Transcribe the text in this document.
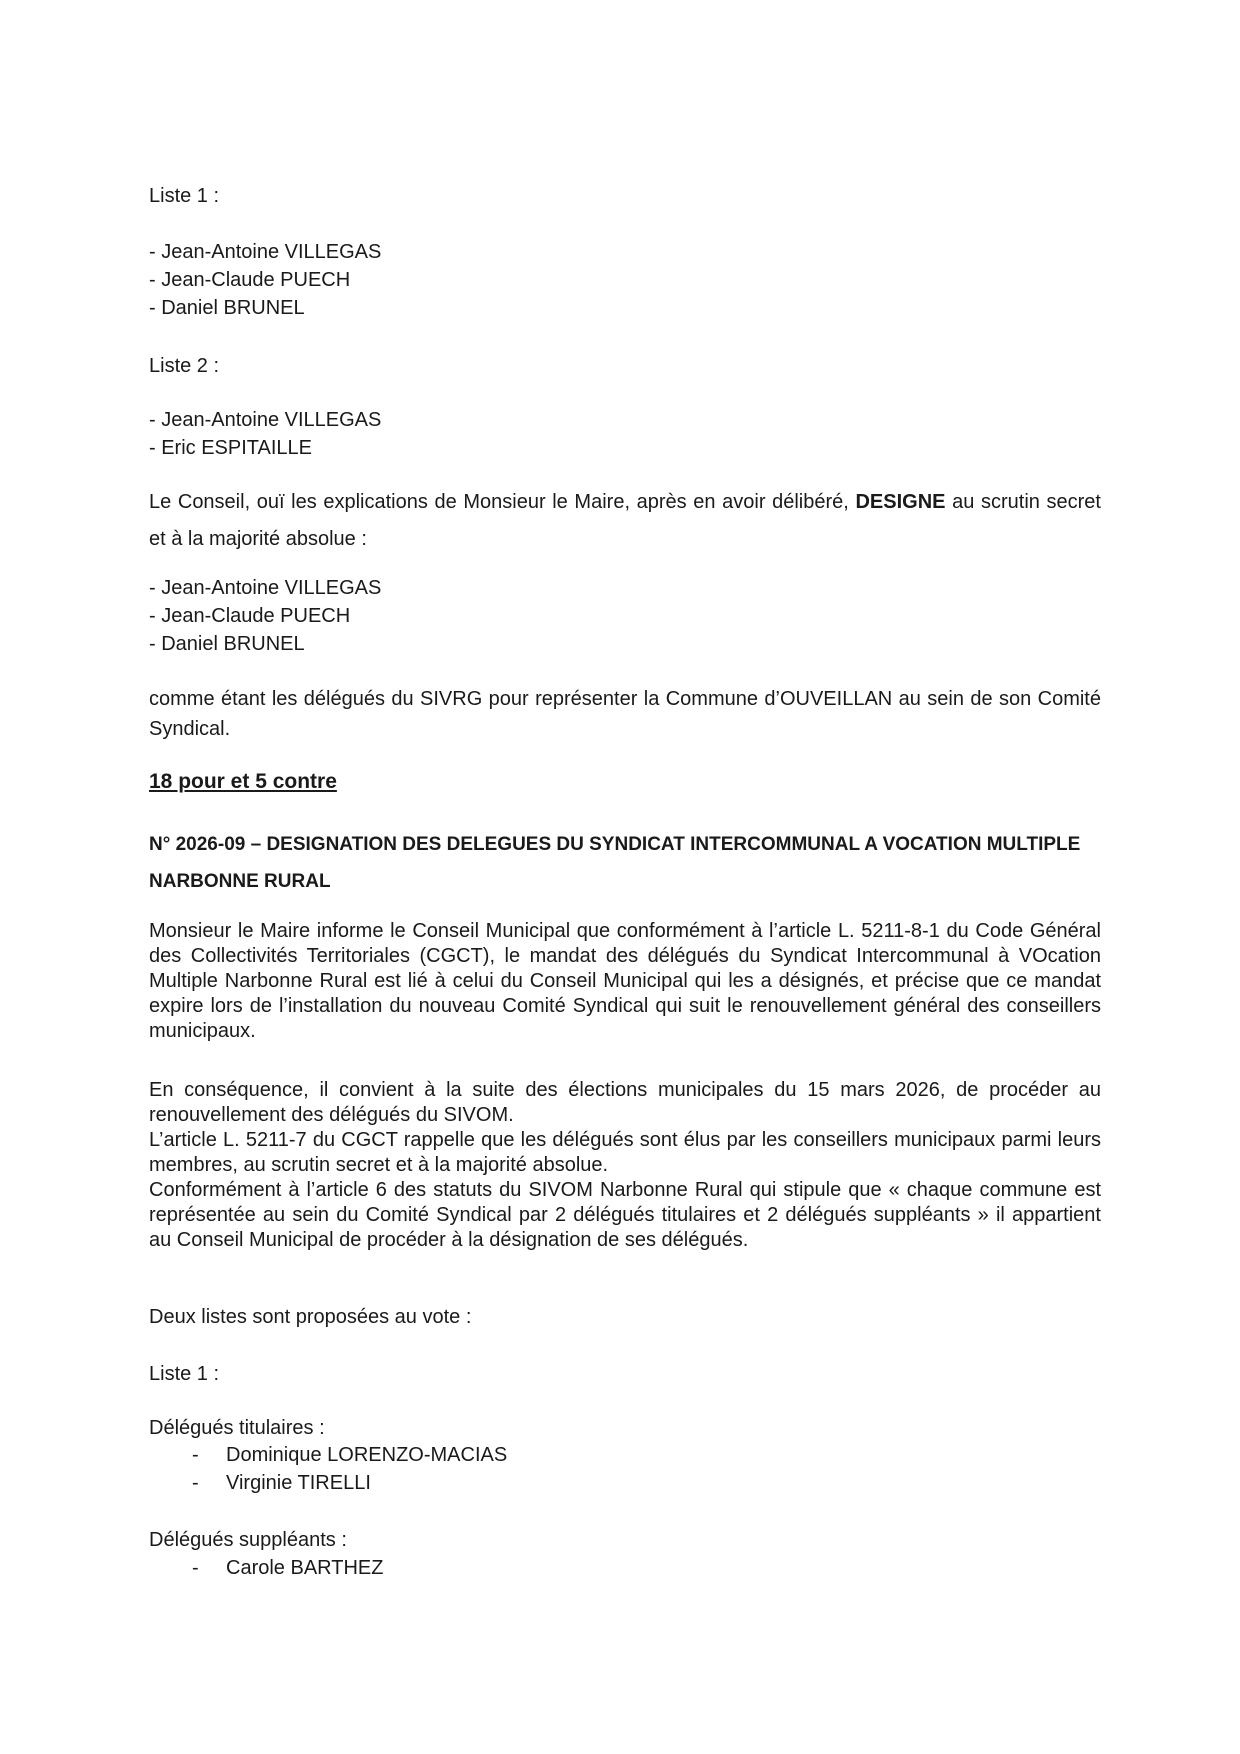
Liste 1 :
- Jean-Antoine VILLEGAS
- Jean-Claude PUECH
- Daniel BRUNEL
Liste 2 :
- Jean-Antoine VILLEGAS
- Eric ESPITAILLE
Le Conseil, ouï les explications de Monsieur le Maire, après en avoir délibéré, DESIGNE au scrutin secret et à la majorité absolue :
- Jean-Antoine VILLEGAS
- Jean-Claude PUECH
- Daniel BRUNEL
comme étant les délégués du SIVRG pour représenter la Commune d’OUVEILLAN au sein de son Comité Syndical.
18 pour et 5 contre
N° 2026-09 – DESIGNATION DES DELEGUES DU SYNDICAT INTERCOMMUNAL A VOCATION MULTIPLE NARBONNE RURAL
Monsieur le Maire informe le Conseil Municipal que conformément à l’article L. 5211-8-1 du Code Général des Collectivités Territoriales (CGCT), le mandat des délégués du Syndicat Intercommunal à VOcation Multiple Narbonne Rural est lié à celui du Conseil Municipal qui les a désignés, et précise que ce mandat expire lors de l’installation du nouveau Comité Syndical qui suit le renouvellement général des conseillers municipaux.
En conséquence, il convient à la suite des élections municipales du 15 mars 2026, de procéder au renouvellement des délégués du SIVOM.
L’article L. 5211-7 du CGCT rappelle que les délégués sont élus par les conseillers municipaux parmi leurs membres, au scrutin secret et à la majorité absolue.
Conformément à l’article 6 des statuts du SIVOM Narbonne Rural qui stipule que « chaque commune est représentée au sein du Comité Syndical par 2 délégués titulaires et 2 délégués suppléants » il appartient au Conseil Municipal de procéder à la désignation de ses délégués.
Deux listes sont proposées au vote :
Liste 1 :
Délégués titulaires :
- Dominique LORENZO-MACIAS
- Virginie TIRELLI
Délégués suppléants :
- Carole BARTHEZ
